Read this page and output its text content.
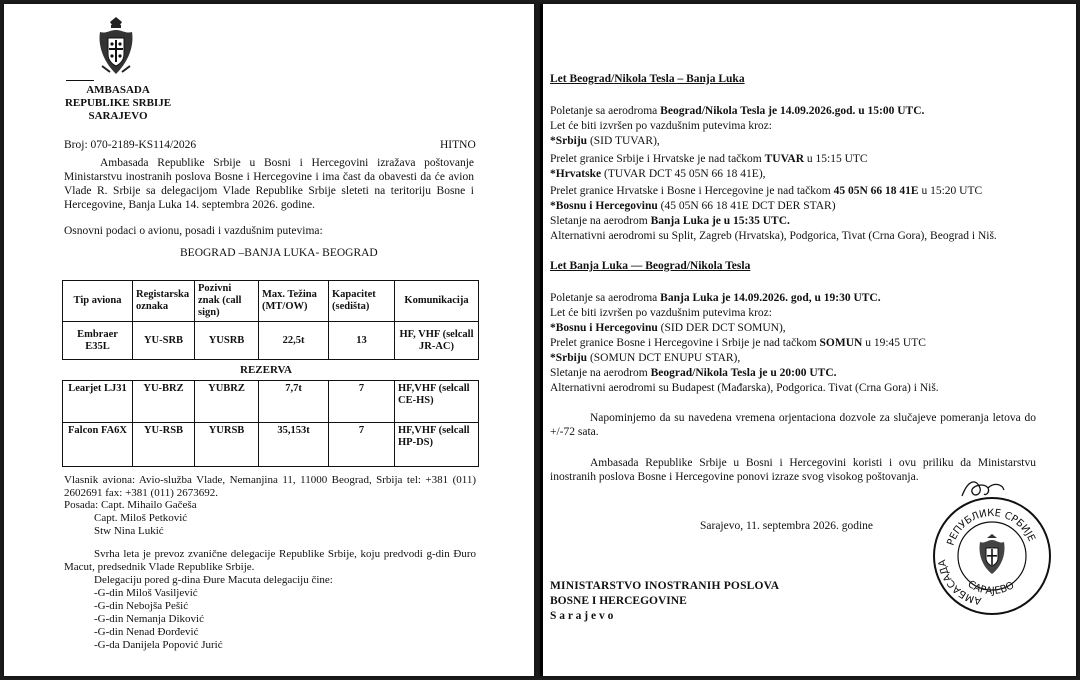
AMBASADA
REPUBLIKE SRBIJE
SARAJEVO
Broj: 070-2189-KS114/2026	HITNO

Ambasada Republike Srbije u Bosni i Hercegovini izražava poštovanje Ministarstvu inostranih poslova Bosne i Hercegovine i ima čast da obavesti da će avion Vlade R. Srbije sa delegacijom Vlade Republike Srbije sleteti na teritoriju Bosne i Hercegovine, Banja Luka 14. septembra 2026. godine.

Osnovni podaci o avionu, posadi i vazdušnim putevima:
BEOGRAD –BANJA LUKA- BEOGRAD
Tip aviona	Registarska oznaka	Pozivni znak (call sign)	Max. Težina (MT/OW)	Kapacitet (sedišta)	Komunikacija
Embraer E35L	YU-SRB	YUSRB	22,5t	13	HF, VHF (selcall JR-AC)
REZERVA
Learjet LJ31	YU-BRZ	YUBRZ	7,7t	7	HF,VHF (selcall CE-HS)
Falcon FA6X	YU-RSB	YURSB	35,153t	7	HF,VHF (selcall HP-DS)

Vlasnik aviona: Avio-služba Vlade, Nemanjina 11, 11000 Beograd, Srbija tel: +381 (011) 2602691 fax: +381 (011) 2673692.

Posada: Capt. Mihailo Gačeša
Capt. Miloš Petković
Stw Nina Lukić

Svrha leta je prevoz zvanične delegacije Republike Srbije, koju predvodi g-din Đuro Macut, predsednik Vlade Republike Srbije.

Delegaciju pored g-dina Đure Macuta delegaciju čine:
-G-din Miloš Vasiljević
-G-din Nebojša Pešić
-G-din Nemanja Diković
-G-din Nenad Đorđević
-G-da Danijela Popović Jurić
Let Beograd/Nikola Tesla – Banja Luka
Poletanje sa aerodroma Beograd/Nikola Tesla je 14.09.2026.god. u 15:00 UTC.
Let će biti izvršen po vazdušnim putevima kroz:
*Srbiju (SID TUVAR),
Prelet granice Srbije i Hrvatske je nad tačkom TUVAR u 15:15 UTC
*Hrvatske (TUVAR DCT 45 05N 66 18 41E),
Prelet granice Hrvatske i Bosne i Hercegovine je nad tačkom 45 05N 66 18 41E u 15:20 UTC
*Bosnu i Hercegovinu (45 05N 66 18 41E DCT DER STAR)
Sletanje na aerodrom Banja Luka je u 15:35 UTC.
Alternativni aerodromi su Split, Zagreb (Hrvatska), Podgorica, Tivat (Crna Gora), Beograd i Niš.
Let Banja Luka — Beograd/Nikola Tesla
Poletanje sa aerodroma Banja Luka je 14.09.2026. god, u 19:30 UTC.
Let će biti izvršen po vazdušnim putevima kroz:
*Bosnu i Hercegovinu (SID DER DCT SOMUN),
Prelet granice Bosne i Hercegovine i Srbije je nad tačkom SOMUN u 19:45 UTC
*Srbiju (SOMUN DCT ENUPU STAR),
Sletanje na aerodrom Beograd/Nikola Tesla je u 20:00 UTC.
Alternativni aerodromi su Budapest (Mađarska), Podgorica. Tivat (Crna Gora) i Niš.

Napominjemo da su navedena vremena orjentaciona dozvole za slučajeve pomeranja letova do +/-72 sata.

Ambasada Republike Srbije u Bosni i Hercegovini koristi i ovu priliku da Ministarstvu inostranih poslova Bosne i Hercegovine ponovi izraze svog visokog poštovanja.

Sarajevo, 11. septembra 2026. godine
РЕПУБЛИКЕ СРБИЈЕ
АМБАСАДА
САРАЈЕВО
MINISTARSTVO INOSTRANIH POSLOVA
BOSNE I HERCEGOVINE
S a r a j e v o
